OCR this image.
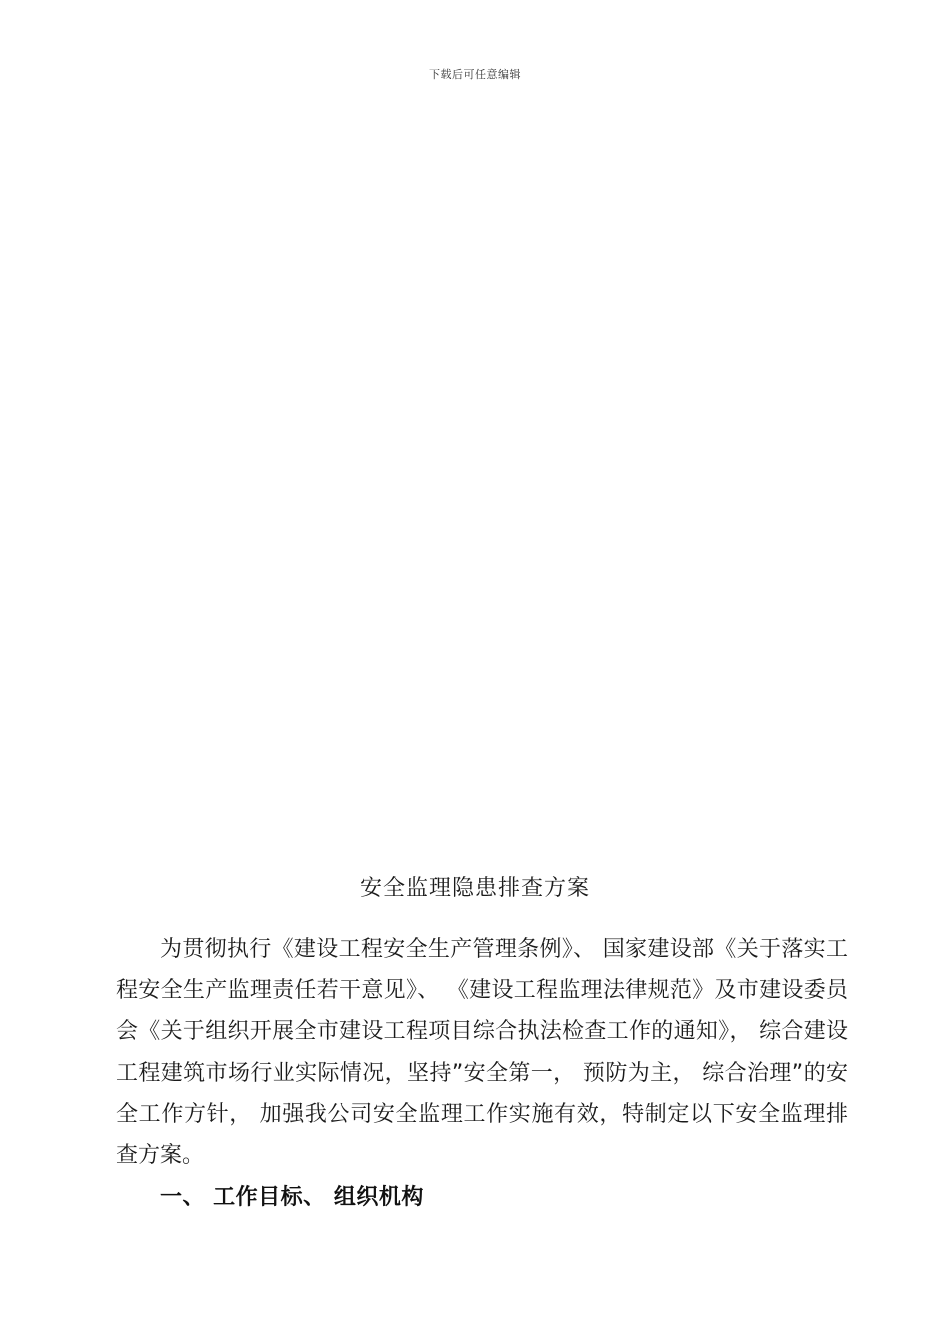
下载后可任意编辑
安全监理隐患排查方案

为贯彻执行《建设工程安全生产管理条例》、 国家建设部《关于落实工程安全生产监理责任若干意见》、 《建设工程监理法律规范》及市建设委员会《关于组织开展全市建设工程项目综合执法检查工作的通知》， 综合建设工程建筑市场行业实际情况，坚持”安全第一， 预防为主， 综合治理”的安全工作方针， 加强我公司安全监理工作实施有效，特制定以下安全监理排查方案。

一、 工作目标、 组织机构
